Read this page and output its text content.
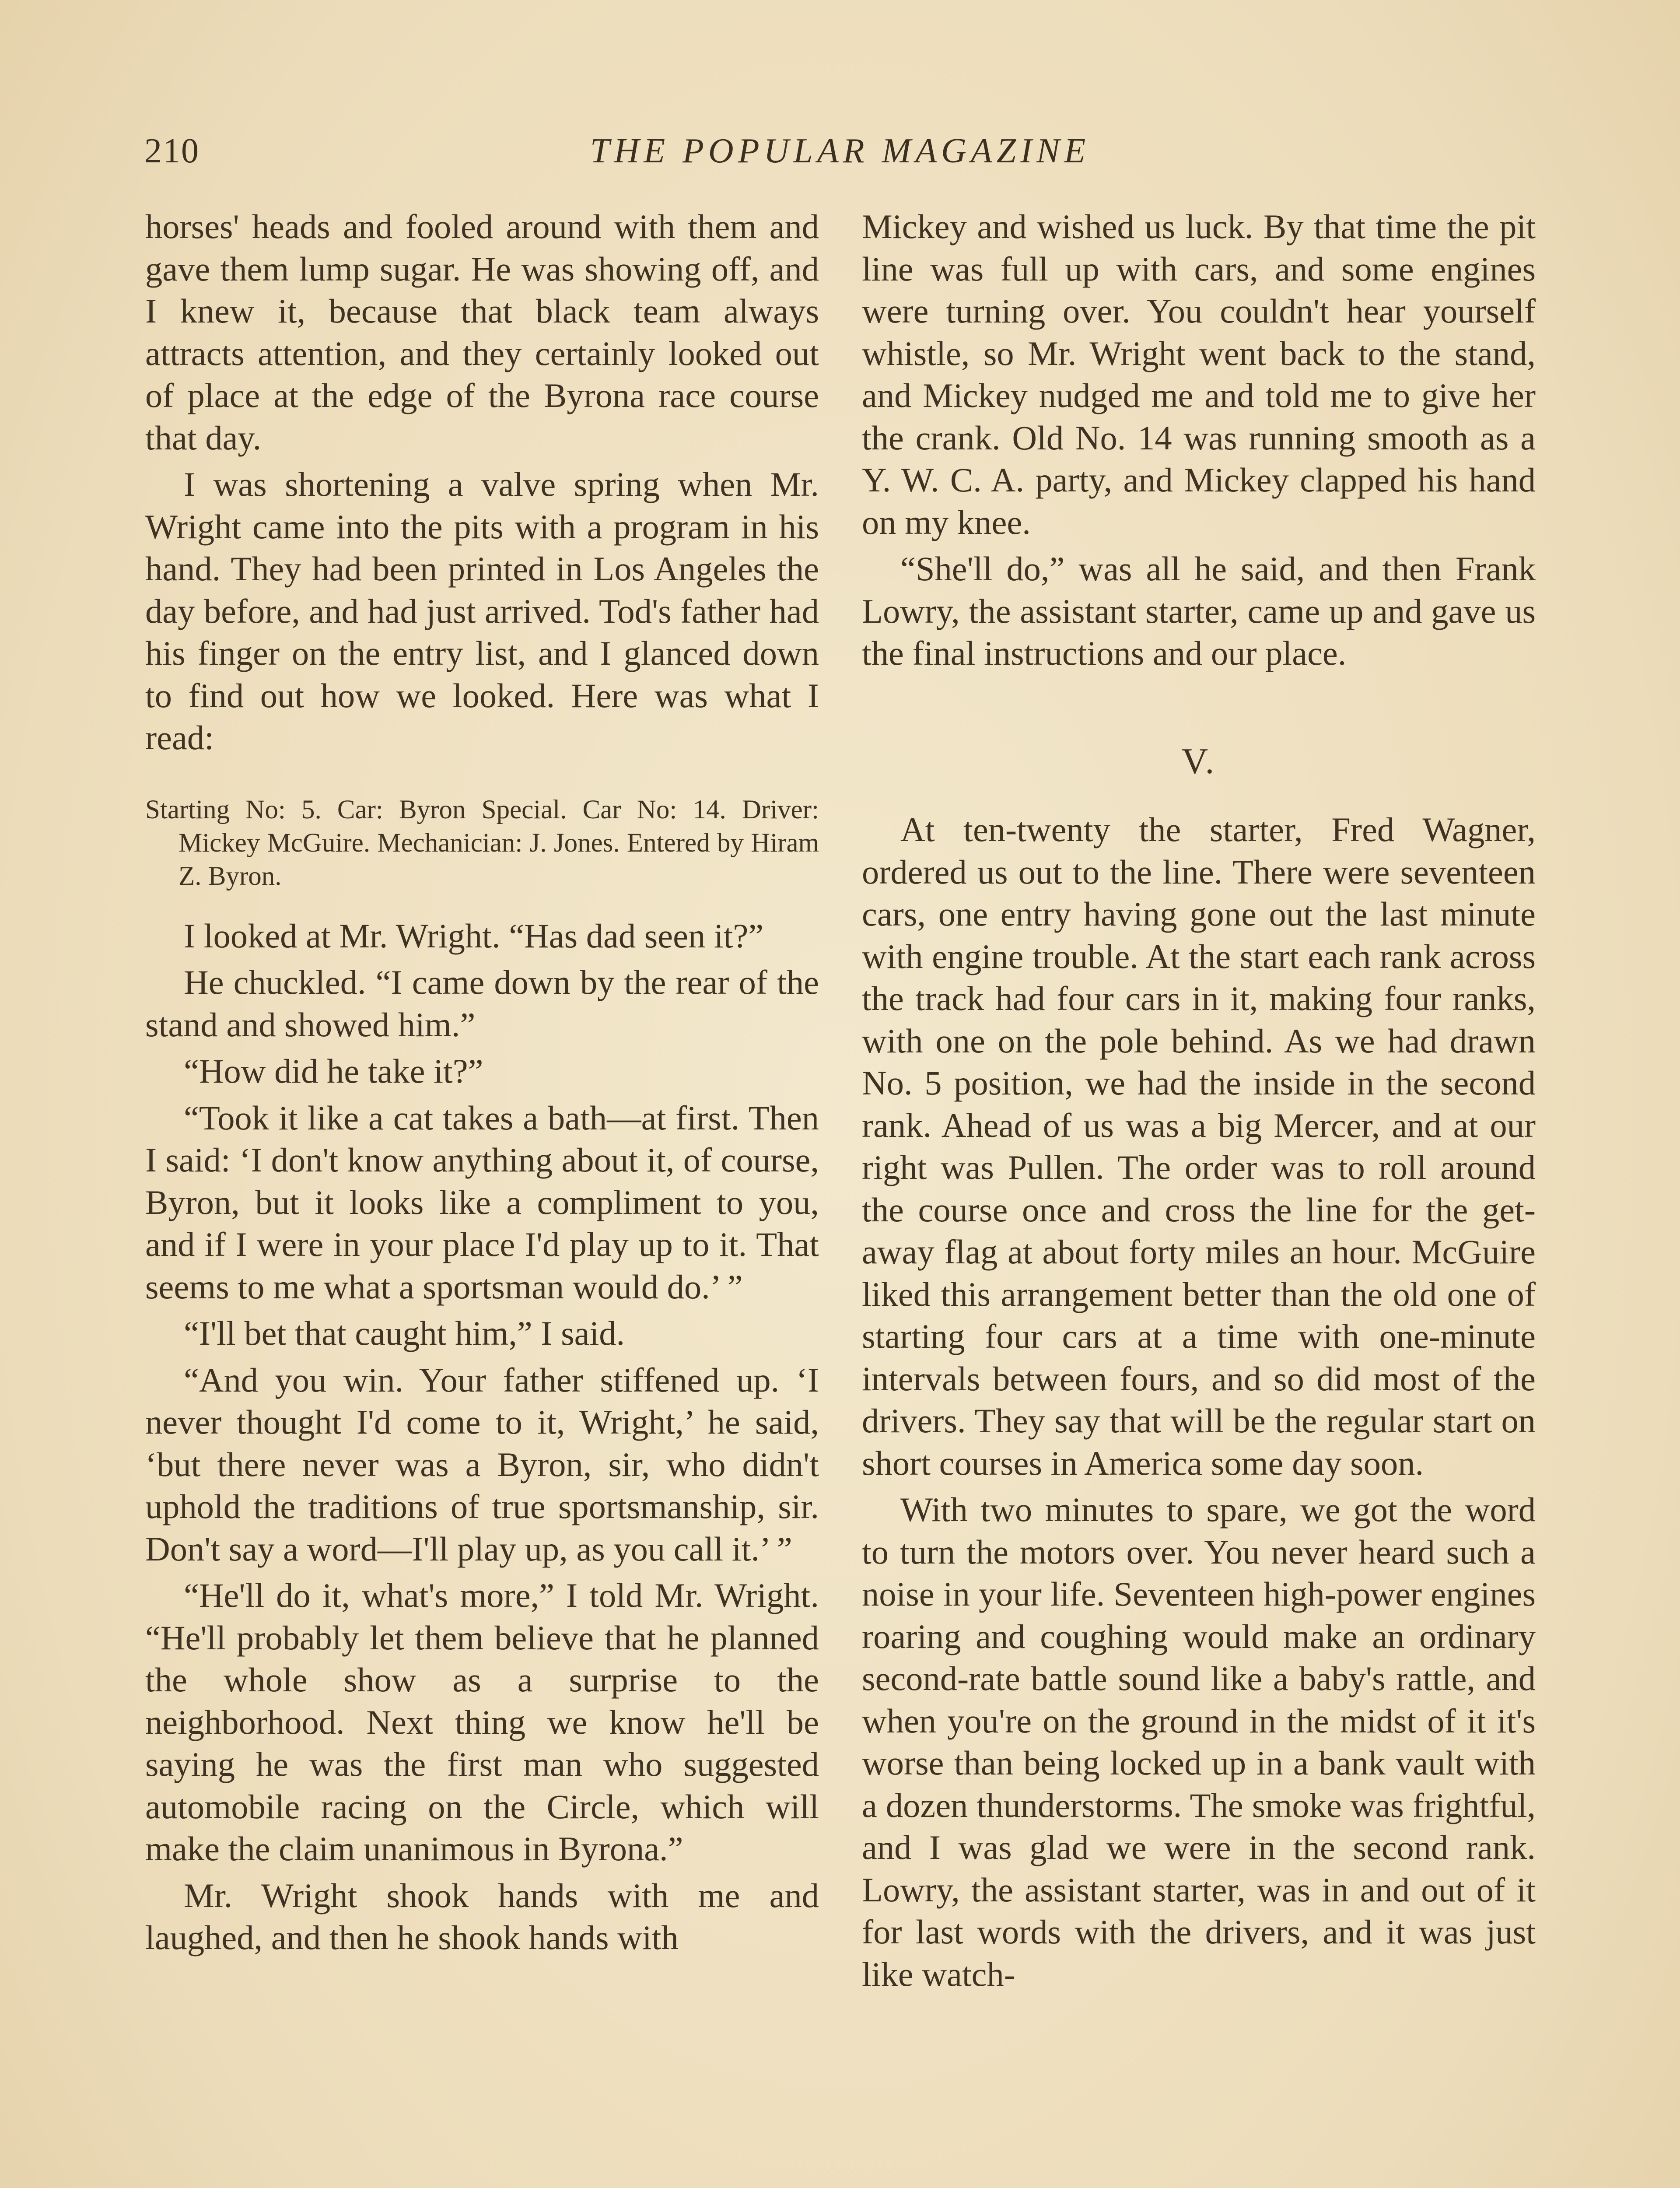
210	THE POPULAR MAGAZINE

horses' heads and fooled around with them and gave them lump sugar. He was showing off, and I knew it, because that black team always attracts attention, and they certainly looked out of place at the edge of the Byrona race course that day.

I was shortening a valve spring when Mr. Wright came into the pits with a program in his hand. They had been printed in Los Angeles the day before, and had just arrived. Tod's father had his finger on the entry list, and I glanced down to find out how we looked. Here was what I read:

Starting No: 5. Car: Byron Special. Car No: 14. Driver: Mickey McGuire. Mechanician: J. Jones. Entered by Hiram Z. Byron.

I looked at Mr. Wright. “Has dad seen it?”

He chuckled. “I came down by the rear of the stand and showed him.”

“How did he take it?”

“Took it like a cat takes a bath—at first. Then I said: ‘I don't know anything about it, of course, Byron, but it looks like a compliment to you, and if I were in your place I'd play up to it. That seems to me what a sportsman would do.’ ”

“I'll bet that caught him,” I said.

“And you win. Your father stiffened up. ‘I never thought I'd come to it, Wright,’ he said, ‘but there never was a Byron, sir, who didn't uphold the traditions of true sportsmanship, sir. Don't say a word—I'll play up, as you call it.’ ”

“He'll do it, what's more,” I told Mr. Wright. “He'll probably let them believe that he planned the whole show as a surprise to the neighborhood. Next thing we know he'll be saying he was the first man who suggested automobile racing on the Circle, which will make the claim unanimous in Byrona.”

Mr. Wright shook hands with me and laughed, and then he shook hands with

Mickey and wished us luck. By that time the pit line was full up with cars, and some engines were turning over. You couldn't hear yourself whistle, so Mr. Wright went back to the stand, and Mickey nudged me and told me to give her the crank. Old No. 14 was running smooth as a Y. W. C. A. party, and Mickey clapped his hand on my knee.

“She'll do,” was all he said, and then Frank Lowry, the assistant starter, came up and gave us the final instructions and our place.

V.

At ten-twenty the starter, Fred Wagner, ordered us out to the line. There were seventeen cars, one entry having gone out the last minute with engine trouble. At the start each rank across the track had four cars in it, making four ranks, with one on the pole behind. As we had drawn No. 5 position, we had the inside in the second rank. Ahead of us was a big Mercer, and at our right was Pullen. The order was to roll around the course once and cross the line for the get-away flag at about forty miles an hour. McGuire liked this arrangement better than the old one of starting four cars at a time with one-minute intervals between fours, and so did most of the drivers. They say that will be the regular start on short courses in America some day soon.

With two minutes to spare, we got the word to turn the motors over. You never heard such a noise in your life. Seventeen high-power engines roaring and coughing would make an ordinary second-rate battle sound like a baby's rattle, and when you're on the ground in the midst of it it's worse than being locked up in a bank vault with a dozen thunderstorms. The smoke was frightful, and I was glad we were in the second rank. Lowry, the assistant starter, was in and out of it for last words with the drivers, and it was just like watch-
